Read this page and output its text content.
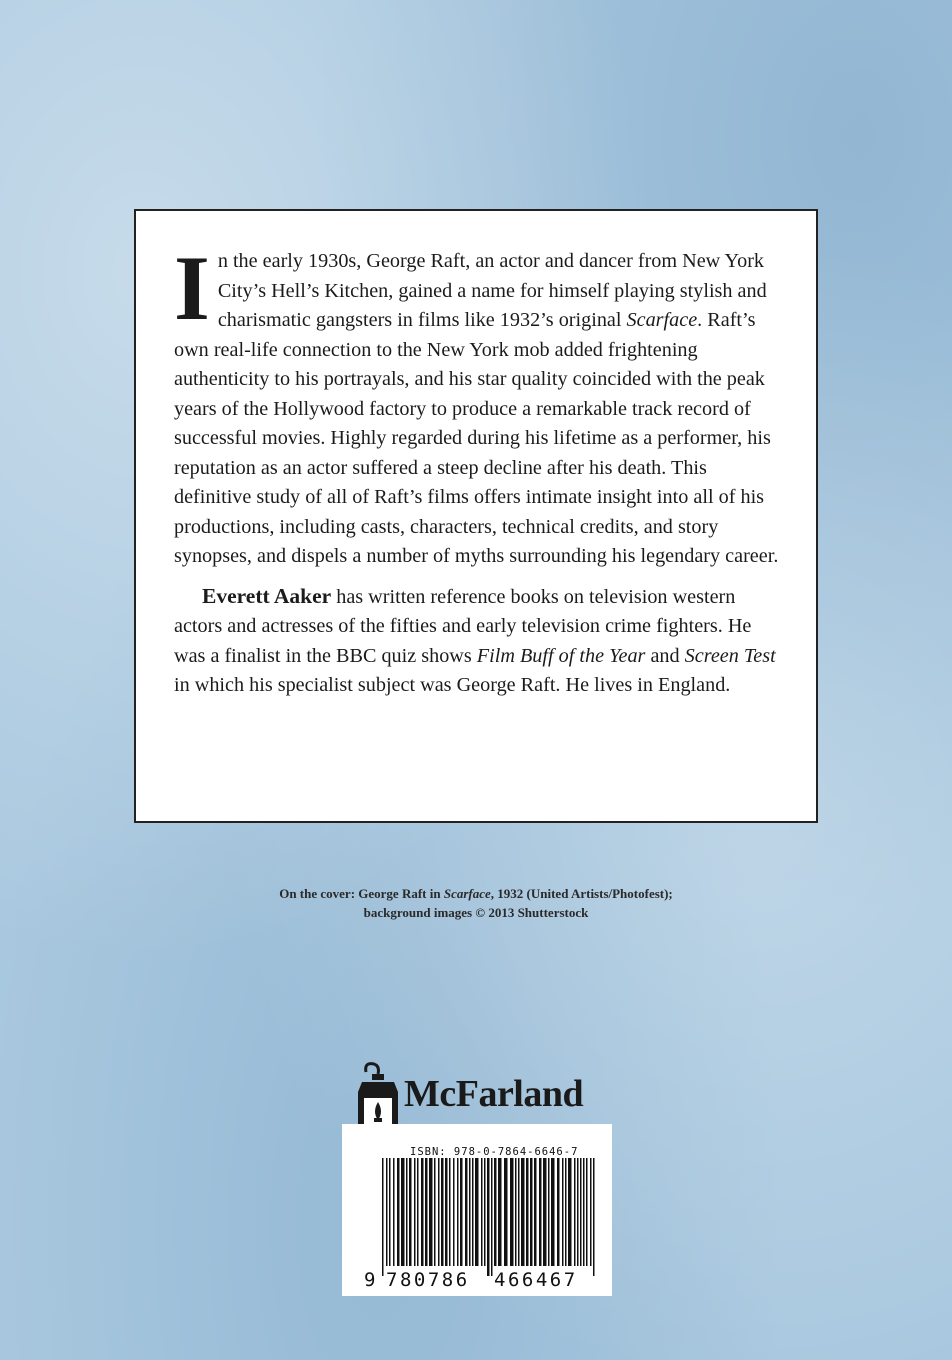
In the early 1930s, George Raft, an actor and dancer from New York City’s Hell’s Kitchen, gained a name for himself playing stylish and charismatic gangsters in films like 1932’s original Scarface. Raft’s own real-life connection to the New York mob added frightening authenticity to his portrayals, and his star quality coincided with the peak years of the Hollywood factory to produce a remarkable track record of successful movies. Highly regarded during his lifetime as a performer, his reputation as an actor suffered a steep decline after his death. This definitive study of all of Raft’s films offers intimate insight into all of his productions, including casts, characters, technical credits, and story synopses, and dispels a number of myths surrounding his legendary career.

Everett Aaker has written reference books on television western actors and actresses of the fifties and early television crime fighters. He was a finalist in the BBC quiz shows Film Buff of the Year and Screen Test in which his specialist subject was George Raft. He lives in England.

On the cover: George Raft in Scarface, 1932 (United Artists/Photofest);
background images © 2013 Shutterstock
McFarland
ISBN: 978-0-7864-6646-7
9 780786 466467
